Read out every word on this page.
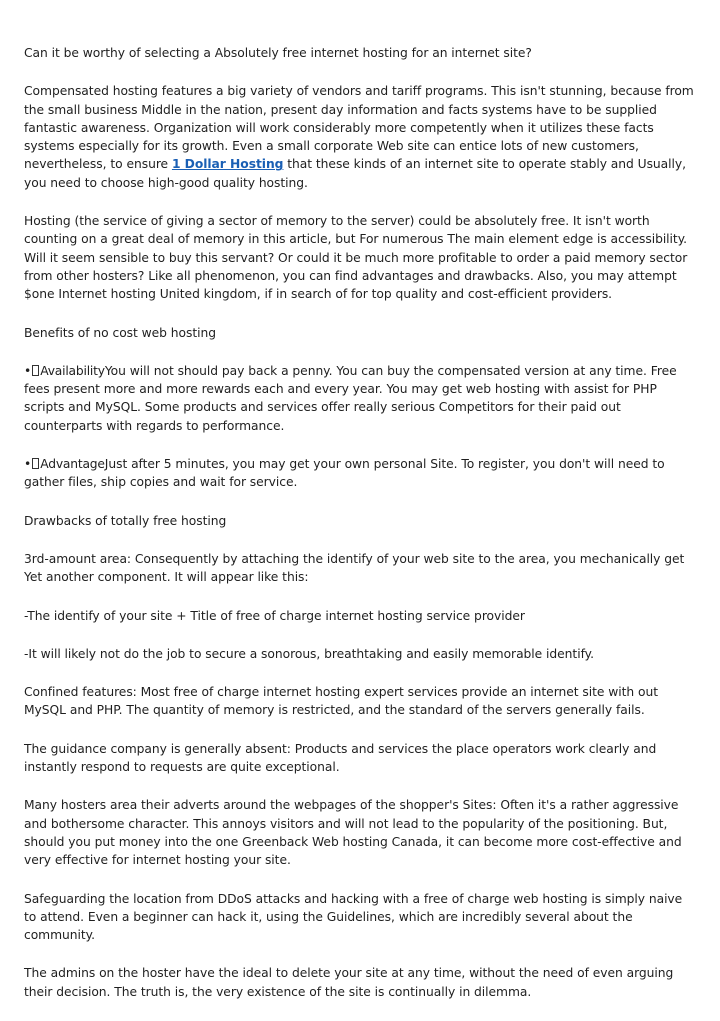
Can it be worthy of selecting a Absolutely free internet hosting for an internet site?

Compensated hosting features a big variety of vendors and tariff programs. This isn't stunning, because from the small business Middle in the nation, present day information and facts systems have to be supplied fantastic awareness. Organization will work considerably more competently when it utilizes these facts systems especially for its growth. Even a small corporate Web site can entice lots of new customers, nevertheless, to ensure 1 Dollar Hosting that these kinds of an internet site to operate stably and Usually, you need to choose high-good quality hosting.

Hosting (the service of giving a sector of memory to the server) could be absolutely free. It isn't worth counting on a great deal of memory in this article, but For numerous The main element edge is accessibility. Will it seem sensible to buy this servant? Or could it be much more profitable to order a paid memory sector from other hosters? Like all phenomenon, you can find advantages and drawbacks. Also, you may attempt $one Internet hosting United kingdom, if in search of for top quality and cost-efficient providers.

Benefits of no cost web hosting

• AvailabilityYou will not should pay back a penny. You can buy the compensated version at any time. Free fees present more and more rewards each and every year. You may get web hosting with assist for PHP scripts and MySQL. Some products and services offer really serious Competitors for their paid out counterparts with regards to performance.

• AdvantageJust after 5 minutes, you may get your own personal Site. To register, you don't will need to gather files, ship copies and wait for service.

Drawbacks of totally free hosting

3rd-amount area: Consequently by attaching the identify of your web site to the area, you mechanically get Yet another component. It will appear like this:

-The identify of your site + Title of free of charge internet hosting service provider

-It will likely not do the job to secure a sonorous, breathtaking and easily memorable identify.

Confined features: Most free of charge internet hosting expert services provide an internet site with out MySQL and PHP. The quantity of memory is restricted, and the standard of the servers generally fails.

The guidance company is generally absent: Products and services the place operators work clearly and instantly respond to requests are quite exceptional.

Many hosters area their adverts around the webpages of the shopper's Sites: Often it's a rather aggressive and bothersome character. This annoys visitors and will not lead to the popularity of the positioning. But, should you put money into the one Greenback Web hosting Canada, it can become more cost-effective and very effective for internet hosting your site.

Safeguarding the location from DDoS attacks and hacking with a free of charge web hosting is simply naive to attend. Even a beginner can hack it, using the Guidelines, which are incredibly several about the community.

The admins on the hoster have the ideal to delete your site at any time, without the need of even arguing their decision. The truth is, the very existence of the site is continually in dilemma.
